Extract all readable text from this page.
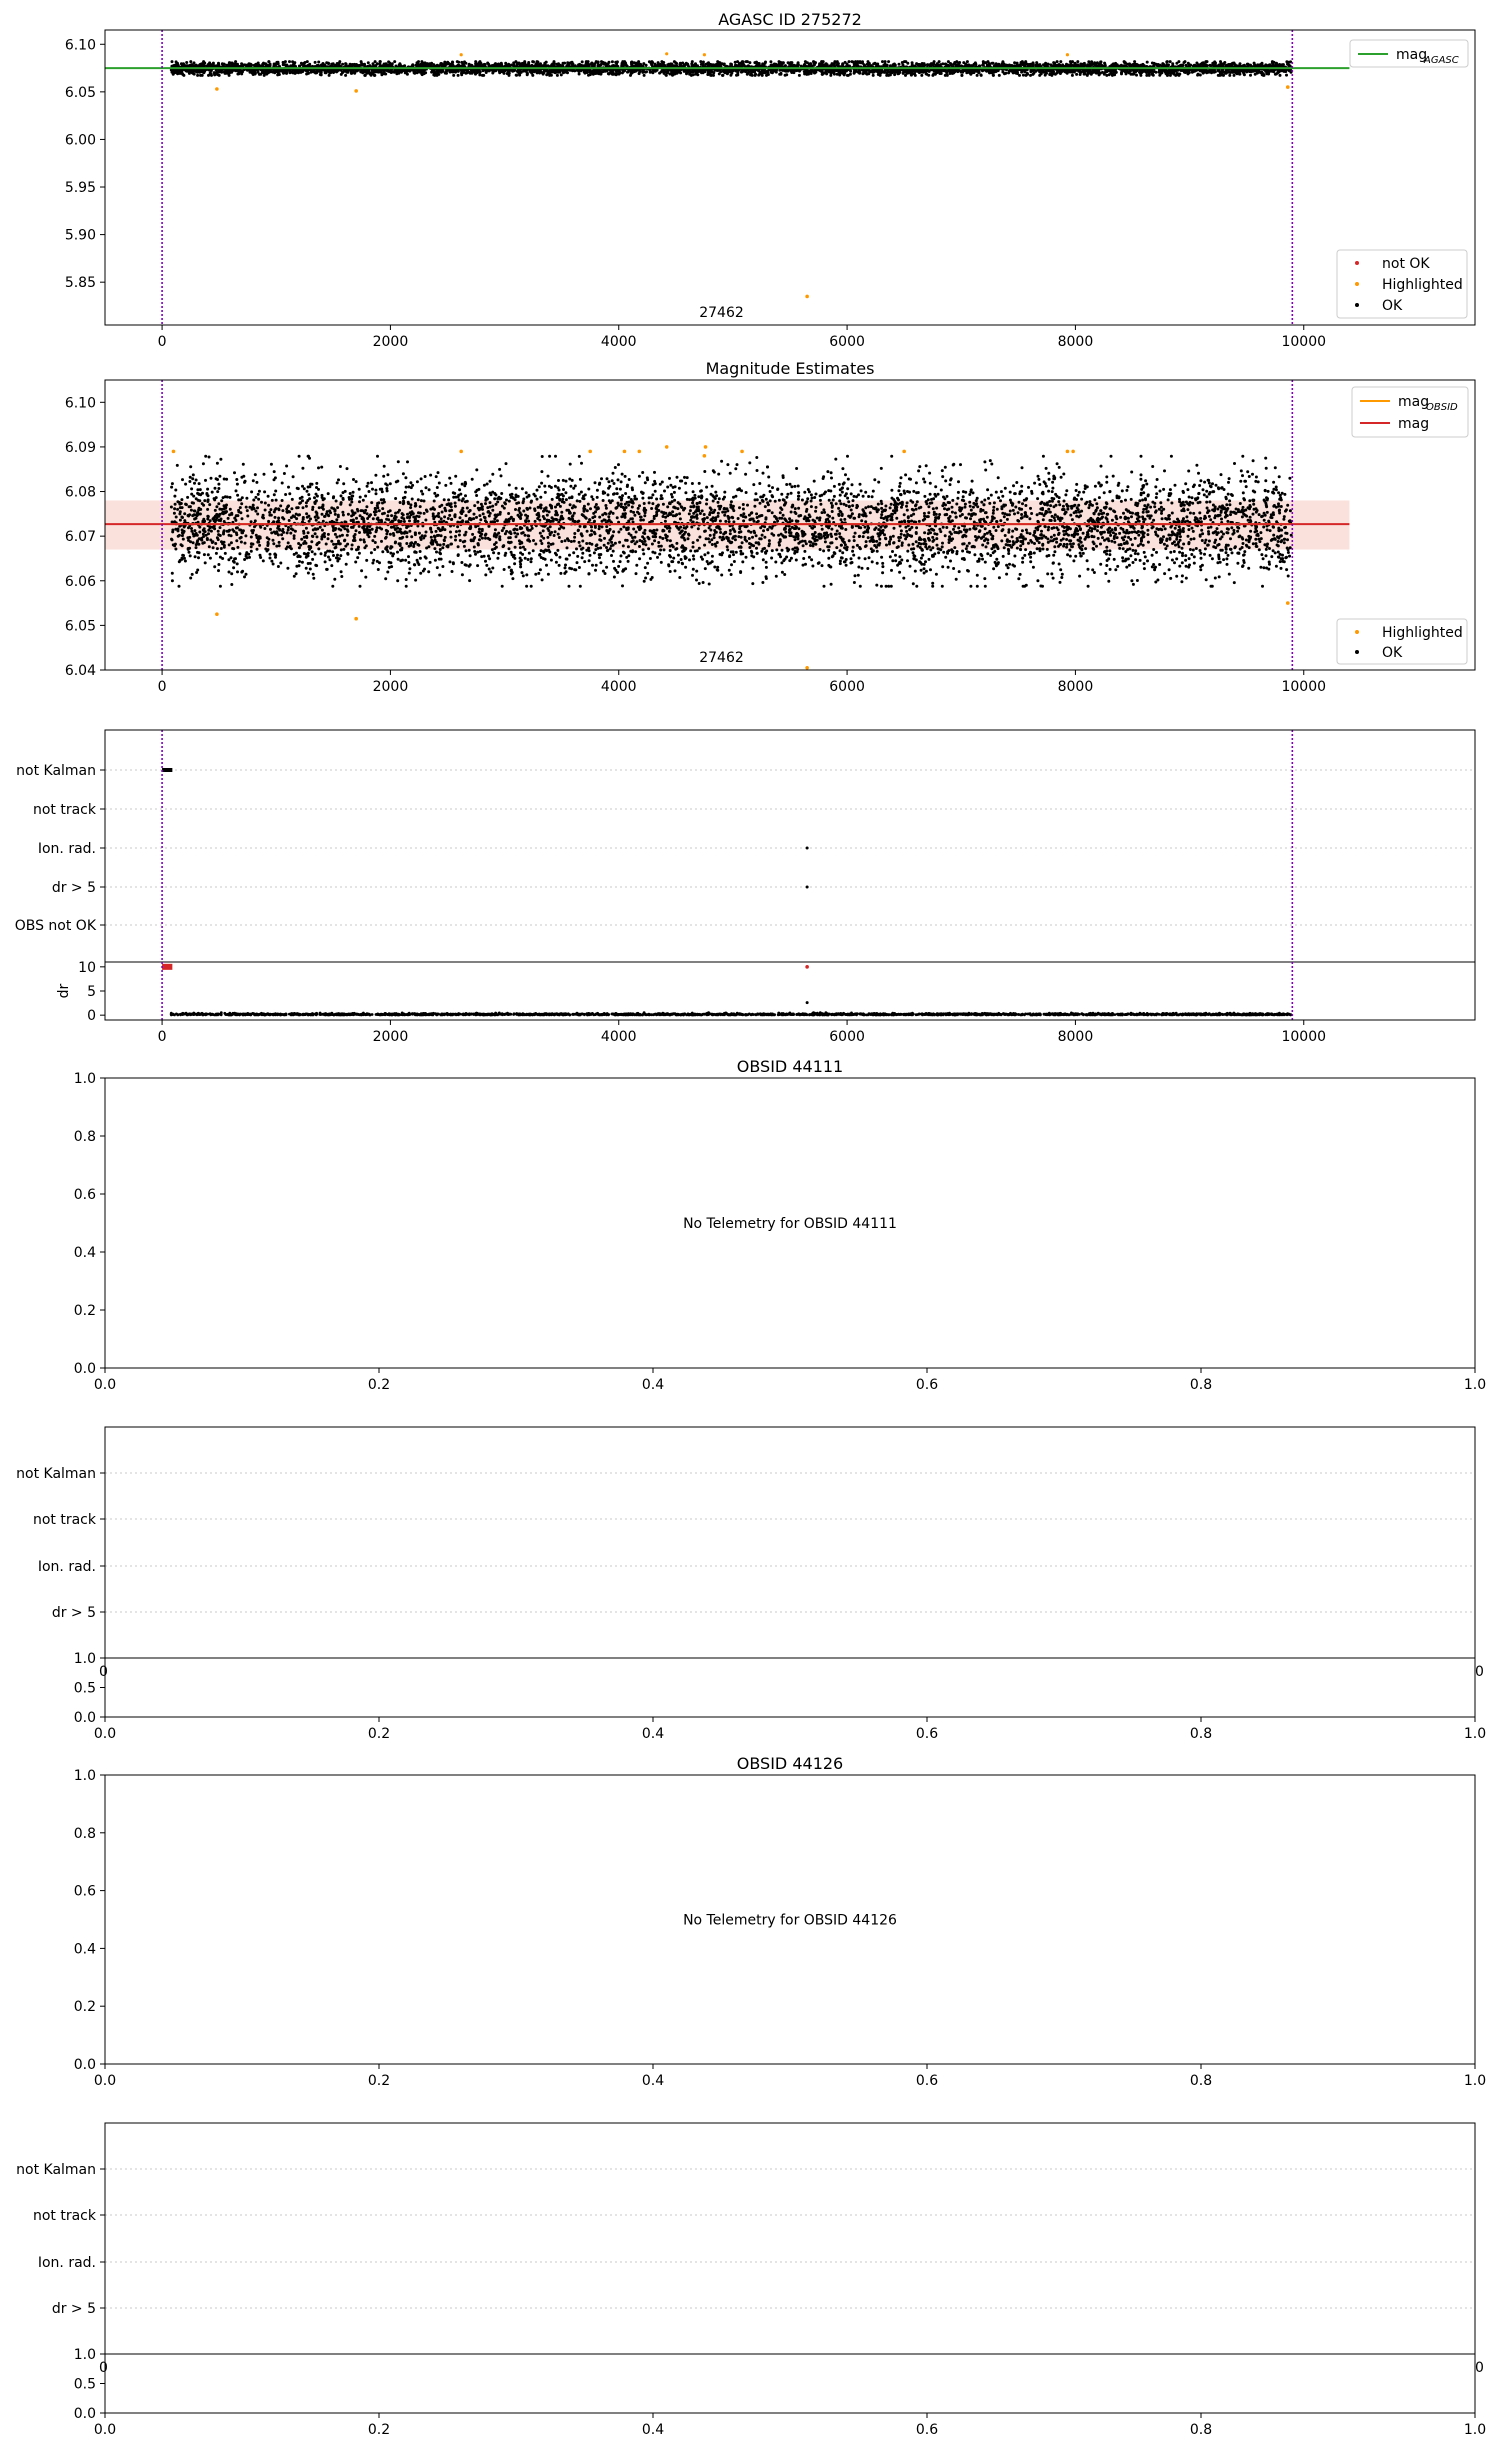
AGASC ID 275272
5.85
5.90
5.95
6.00
6.05
6.10
27462
0	2000	4000	6000	8000	10000
mag
AGASC
not OK
Highlighted
OK
Magnitude Estimates
6.04
6.05
6.06
6.07
6.08
6.09
6.10
27462
0	2000	4000	6000	8000	10000
mag
OBSID
mag
Highlighted
OK
not Kalman
not track
Ion. rad.
dr > 5
OBS not OK
0
5
10
dr
0	2000	4000	6000	8000	10000
OBSID 44111
0.0
0.0
0.2
0.2
0.4
0.4
0.6
0.6
0.8
0.8
1.0
1.0
No Telemetry for OBSID 44111
not Kalman
not track
Ion. rad.
dr > 5
0	0
0.0
0.5
1.0
0.0	0.2	0.4	0.6	0.8	1.0
OBSID 44126
0.0
0.0
0.2
0.2
0.4
0.4
0.6
0.6
0.8
0.8
1.0
1.0
No Telemetry for OBSID 44126
not Kalman
not track
Ion. rad.
dr > 5
0	0
0.0
0.5
1.0
0.0	0.2	0.4	0.6	0.8	1.0
